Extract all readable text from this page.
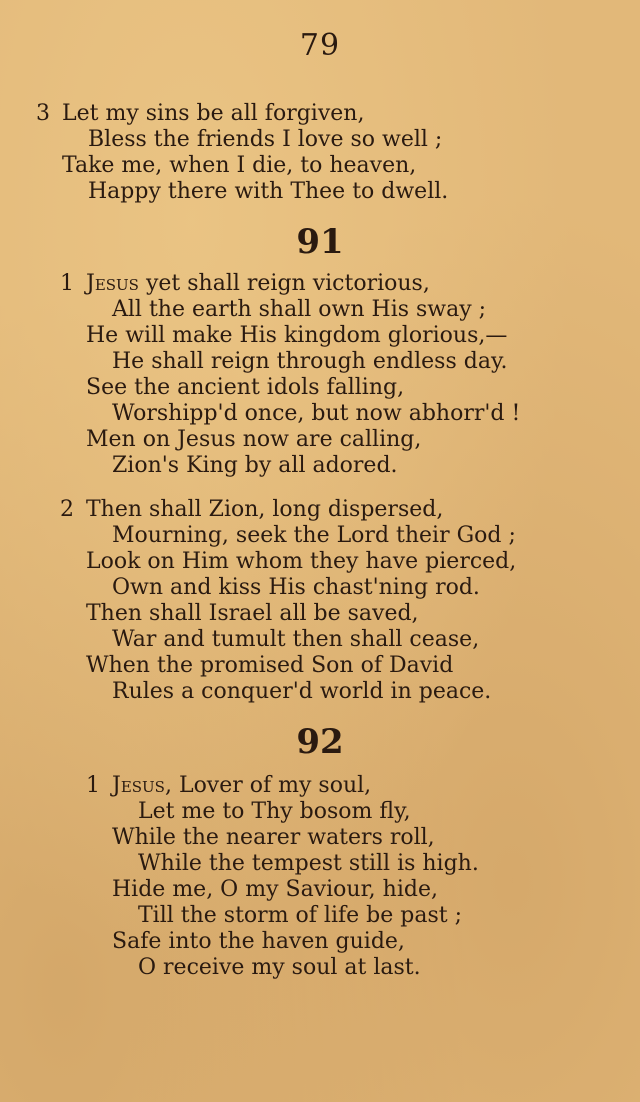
79
3 Let my sins be all forgiven,
Bless the friends I love so well ;
Take me, when I die, to heaven,
Happy there with Thee to dwell.
91
1 Jesus yet shall reign victorious,
All the earth shall own His sway ;
He will make His kingdom glorious,—
He shall reign through endless day.
See the ancient idols falling,
Worshipp'd once, but now abhorr'd !
Men on Jesus now are calling,
Zion's King by all adored.
2 Then shall Zion, long dispersed,
Mourning, seek the Lord their God ;
Look on Him whom they have pierced,
Own and kiss His chast'ning rod.
Then shall Israel all be saved,
War and tumult then shall cease,
When the promised Son of David
Rules a conquer'd world in peace.
92
1 Jesus, Lover of my soul,
Let me to Thy bosom fly,
While the nearer waters roll,
While the tempest still is high.
Hide me, O my Saviour, hide,
Till the storm of life be past ;
Safe into the haven guide,
O receive my soul at last.
